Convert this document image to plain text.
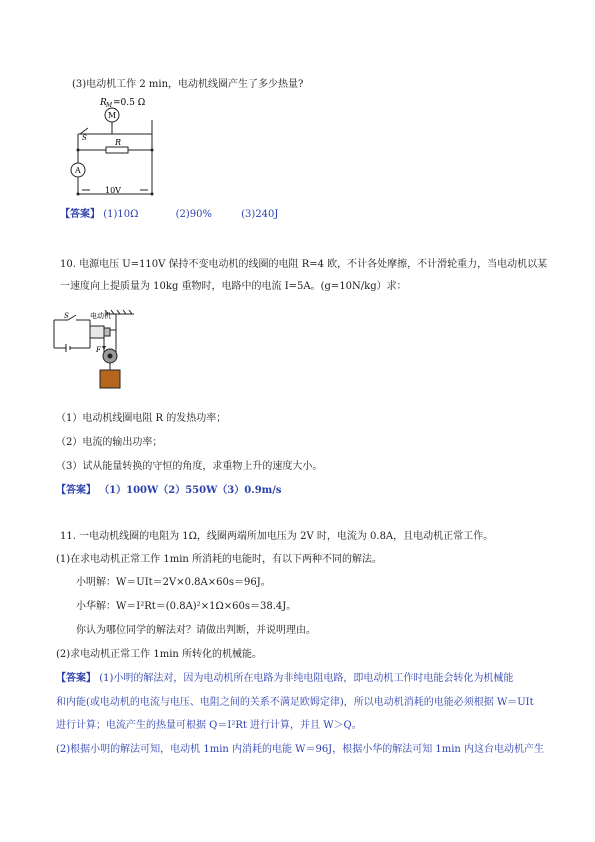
(3)电动机工作 2 min，电动机线圈产生了多少热量?
R M =0.5 Ω
M
S	R
A
10V
【答案】 (1)10Ω	(2)90%	(3)240J
10. 电源电压 U=110V 保持不变电动机的线圈的电阻 R=4 欧，不计各处摩擦，不计滑轮重力，当电动机以某
一速度向上提质量为 10kg 重物时，电路中的电流 I=5A。(g=10N/kg）求：
S	电动机
F
（1）电动机线圈电阻 R 的发热功率；
（2）电流的输出功率；
（3）试从能量转换的守恒的角度，求重物上升的速度大小。
【答案】 （1）100W（2）550W（3）0.9m/s
11. 一电动机线圈的电阻为 1Ω，线圈两端所加电压为 2V 时，电流为 0.8A，且电动机正常工作。
(1)在求电动机正常工作 1min 所消耗的电能时，有以下两种不同的解法。
小明解：W＝UIt＝2V×0.8A×60s＝96J。
小华解：W＝I²Rt＝(0.8A)²×1Ω×60s＝38.4J。
你认为哪位同学的解法对？请做出判断，并说明理由。
(2)求电动机正常工作 1min 所转化的机械能。
【答案】 (1)小明的解法对，因为电动机所在电路为非纯电阻电路，即电动机工作时电能会转化为机械能
和内能(或电动机的电流与电压、电阻之间的关系不满足欧姆定律)，所以电动机消耗的电能必须根据 W＝UIt
进行计算；电流产生的热量可根据 Q＝I²Rt 进行计算，并且 W＞Q。
(2)根据小明的解法可知，电动机 1min 内消耗的电能 W＝96J，根据小华的解法可知 1min 内这台电动机产生
